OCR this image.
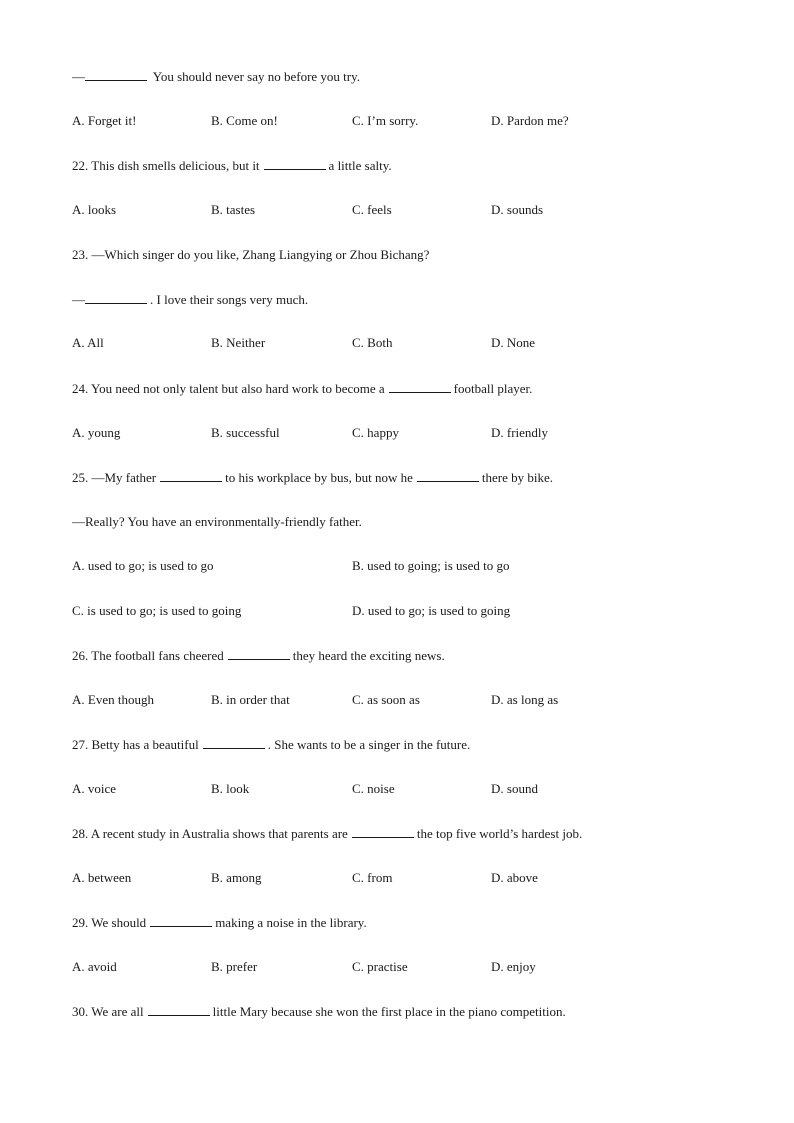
—	You should never say no before you try.
A. Forget it!	B. Come on!	C. I’m sorry.	D. Pardon me?
22. This dish smells delicious, but it	a little salty.
A. looks	B. tastes	C. feels	D. sounds
23. —Which singer do you like, Zhang Liangying or Zhou Bichang?
—	. I love their songs very much.
A. All	B. Neither	C. Both	D. None
24. You need not only talent but also hard work to become a	football player.
A. young	B. successful	C. happy	D. friendly
25. —My father	to his workplace by bus, but now he	there by bike.
—Really? You have an environmentally-friendly father.
A. used to go; is used to go	B. used to going; is used to go
C. is used to go; is used to going	D. used to go; is used to going
26. The football fans cheered	they heard the exciting news.
A. Even though	B. in order that	C. as soon as	D. as long as
27. Betty has a beautiful	. She wants to be a singer in the future.
A. voice	B. look	C. noise	D. sound
28. A recent study in Australia shows that parents are	the top five world’s hardest job.
A. between	B. among	C. from	D. above
29. We should	making a noise in the library.
A. avoid	B. prefer	C. practise	D. enjoy
30. We are all	little Mary because she won the first place in the piano competition.
